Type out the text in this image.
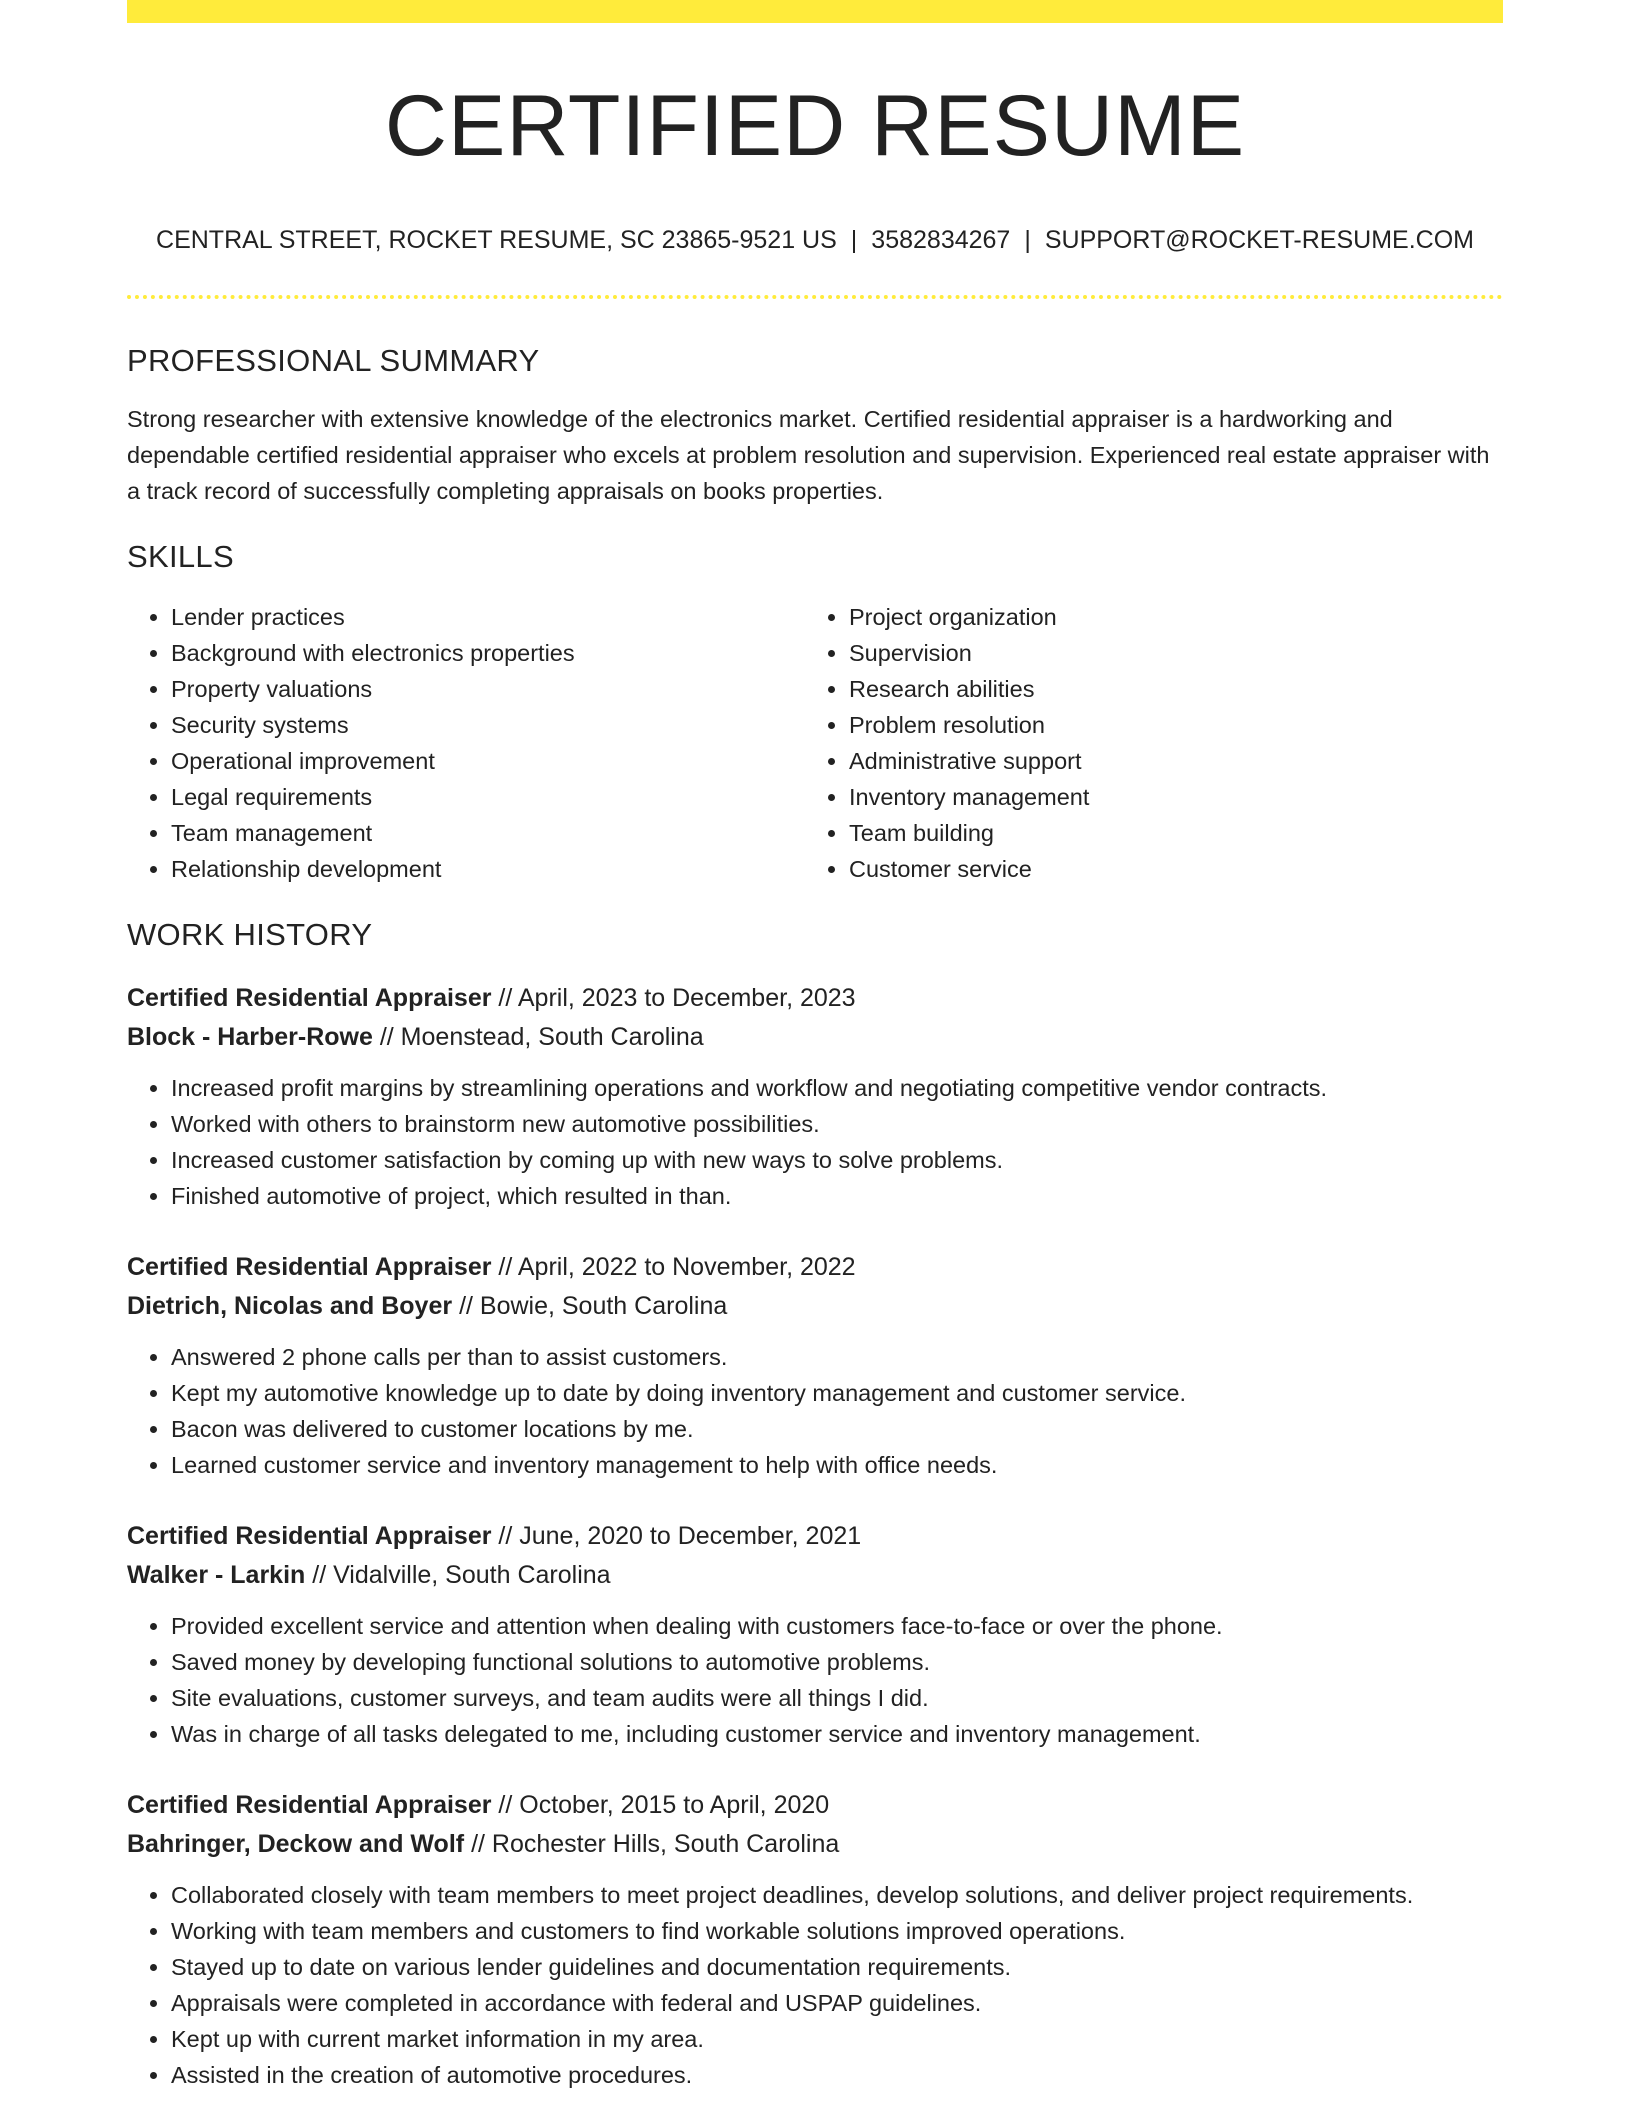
CERTIFIED RESUME
CENTRAL STREET, ROCKET RESUME, SC 23865-9521 US | 3582834267 | SUPPORT@ROCKET-RESUME.COM
PROFESSIONAL SUMMARY
Strong researcher with extensive knowledge of the electronics market. Certified residential appraiser is a hardworking and dependable certified residential appraiser who excels at problem resolution and supervision. Experienced real estate appraiser with a track record of successfully completing appraisals on books properties.
SKILLS
• Lender practices
• Background with electronics properties
• Property valuations
• Security systems
• Operational improvement
• Legal requirements
• Team management
• Relationship development
• Project organization
• Supervision
• Research abilities
• Problem resolution
• Administrative support
• Inventory management
• Team building
• Customer service
WORK HISTORY
Certified Residential Appraiser // April, 2023 to December, 2023
Block - Harber-Rowe // Moenstead, South Carolina
• Increased profit margins by streamlining operations and workflow and negotiating competitive vendor contracts.
• Worked with others to brainstorm new automotive possibilities.
• Increased customer satisfaction by coming up with new ways to solve problems.
• Finished automotive of project, which resulted in than.
Certified Residential Appraiser // April, 2022 to November, 2022
Dietrich, Nicolas and Boyer // Bowie, South Carolina
• Answered 2 phone calls per than to assist customers.
• Kept my automotive knowledge up to date by doing inventory management and customer service.
• Bacon was delivered to customer locations by me.
• Learned customer service and inventory management to help with office needs.
Certified Residential Appraiser // June, 2020 to December, 2021
Walker - Larkin // Vidalville, South Carolina
• Provided excellent service and attention when dealing with customers face-to-face or over the phone.
• Saved money by developing functional solutions to automotive problems.
• Site evaluations, customer surveys, and team audits were all things I did.
• Was in charge of all tasks delegated to me, including customer service and inventory management.
Certified Residential Appraiser // October, 2015 to April, 2020
Bahringer, Deckow and Wolf // Rochester Hills, South Carolina
• Collaborated closely with team members to meet project deadlines, develop solutions, and deliver project requirements.
• Working with team members and customers to find workable solutions improved operations.
• Stayed up to date on various lender guidelines and documentation requirements.
• Appraisals were completed in accordance with federal and USPAP guidelines.
• Kept up with current market information in my area.
• Assisted in the creation of automotive procedures.
